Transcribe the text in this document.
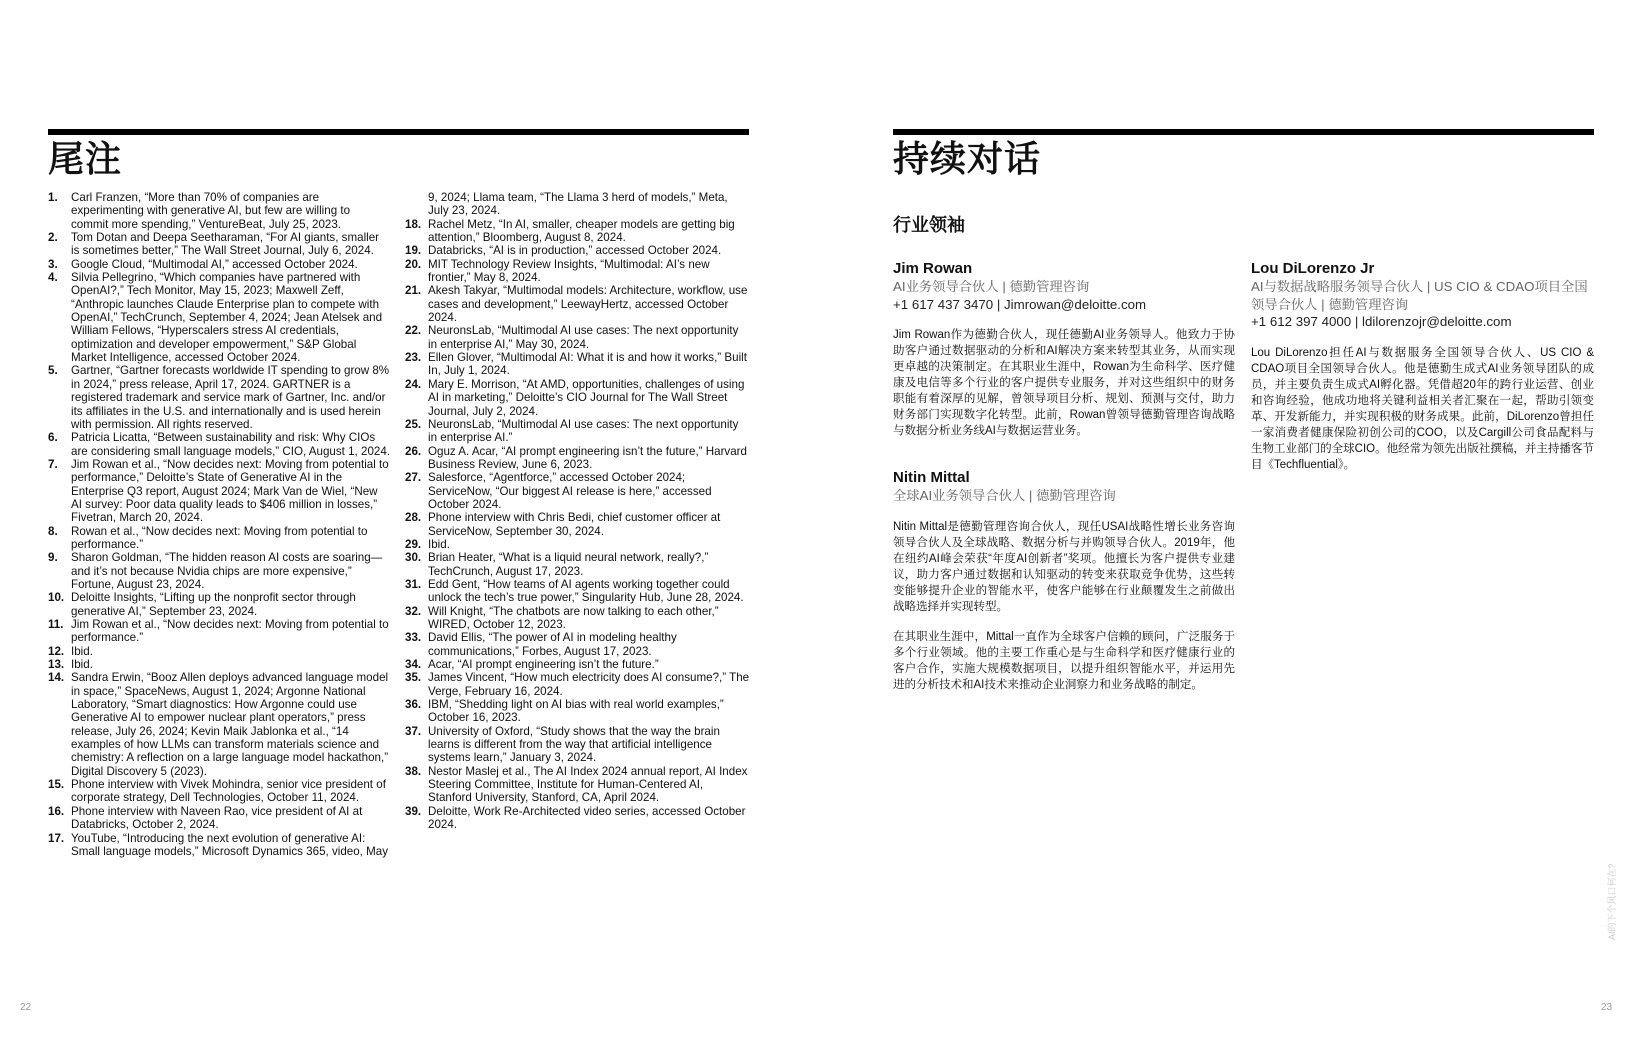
尾注
1. Carl Franzen, “More than 70% of companies are experimenting with generative AI, but few are willing to commit more spending,” VentureBeat, July 25, 2023.
2. Tom Dotan and Deepa Seetharaman, “For AI giants, smaller is sometimes better,” The Wall Street Journal, July 6, 2024.
3. Google Cloud, “Multimodal AI,” accessed October 2024.
4. Silvia Pellegrino, “Which companies have partnered with OpenAI?,” Tech Monitor, May 15, 2023; Maxwell Zeff, “Anthropic launches Claude Enterprise plan to compete with OpenAI,” TechCrunch, September 4, 2024; Jean Atelsek and William Fellows, “Hyperscalers stress AI credentials, optimization and developer empowerment,” S&P Global Market Intelligence, accessed October 2024.
5. Gartner, “Gartner forecasts worldwide IT spending to grow 8% in 2024,” press release, April 17, 2024. GARTNER is a registered trademark and service mark of Gartner, Inc. and/or its affiliates in the U.S. and internationally and is used herein with permission. All rights reserved.
6. Patricia Licatta, “Between sustainability and risk: Why CIOs are considering small language models,” CIO, August 1, 2024.
7. Jim Rowan et al., “Now decides next: Moving from potential to performance,” Deloitte’s State of Generative AI in the Enterprise Q3 report, August 2024; Mark Van de Wiel, “New AI survey: Poor data quality leads to $406 million in losses,” Fivetran, March 20, 2024.
8. Rowan et al., “Now decides next: Moving from potential to performance.”
9. Sharon Goldman, “The hidden reason AI costs are soaring—and it’s not because Nvidia chips are more expensive,” Fortune, August 23, 2024.
10. Deloitte Insights, “Lifting up the nonprofit sector through generative AI,” September 23, 2024.
11. Jim Rowan et al., “Now decides next: Moving from potential to performance.”
12. Ibid.
13. Ibid.
14. Sandra Erwin, “Booz Allen deploys advanced language model in space,” SpaceNews, August 1, 2024; Argonne National Laboratory, “Smart diagnostics: How Argonne could use Generative AI to empower nuclear plant operators,” press release, July 26, 2024; Kevin Maik Jablonka et al., “14 examples of how LLMs can transform materials science and chemistry: A reflection on a large language model hackathon,” Digital Discovery 5 (2023).
15. Phone interview with Vivek Mohindra, senior vice president of corporate strategy, Dell Technologies, October 11, 2024.
16. Phone interview with Naveen Rao, vice president of AI at Databricks, October 2, 2024.
17. YouTube, “Introducing the next evolution of generative AI: Small language models,” Microsoft Dynamics 365, video, May
9, 2024; Llama team, “The Llama 3 herd of models,” Meta, July 23, 2024.
18. Rachel Metz, “In AI, smaller, cheaper models are getting big attention,” Bloomberg, August 8, 2024.
19. Databricks, “AI is in production,” accessed October 2024.
20. MIT Technology Review Insights, “Multimodal: AI’s new frontier,” May 8, 2024.
21. Akesh Takyar, “Multimodal models: Architecture, workflow, use cases and development,” LeewayHertz, accessed October 2024.
22. NeuronsLab, “Multimodal AI use cases: The next opportunity in enterprise AI,” May 30, 2024.
23. Ellen Glover, “Multimodal AI: What it is and how it works,” Built In, July 1, 2024.
24. Mary E. Morrison, “At AMD, opportunities, challenges of using AI in marketing,” Deloitte’s CIO Journal for The Wall Street Journal, July 2, 2024.
25. NeuronsLab, “Multimodal AI use cases: The next opportunity in enterprise AI.”
26. Oguz A. Acar, “AI prompt engineering isn’t the future,” Harvard Business Review, June 6, 2023.
27. Salesforce, “Agentforce,” accessed October 2024; ServiceNow, “Our biggest AI release is here,” accessed October 2024.
28. Phone interview with Chris Bedi, chief customer officer at ServiceNow, September 30, 2024.
29. Ibid.
30. Brian Heater, “What is a liquid neural network, really?,” TechCrunch, August 17, 2023.
31. Edd Gent, “How teams of AI agents working together could unlock the tech’s true power,” Singularity Hub, June 28, 2024.
32. Will Knight, “The chatbots are now talking to each other,” WIRED, October 12, 2023.
33. David Ellis, “The power of AI in modeling healthy communications,” Forbes, August 17, 2023.
34. Acar, “AI prompt engineering isn’t the future.”
35. James Vincent, “How much electricity does AI consume?,” The Verge, February 16, 2024.
36. IBM, “Shedding light on AI bias with real world examples,” October 16, 2023.
37. University of Oxford, “Study shows that the way the brain learns is different from the way that artificial intelligence systems learn,” January 3, 2024.
38. Nestor Maslej et al., The AI Index 2024 annual report, AI Index Steering Committee, Institute for Human-Centered AI, Stanford University, Stanford, CA, April 2024.
39. Deloitte, Work Re-Architected video series, accessed October 2024.
22
持续对话
行业领袖
Jim Rowan
AI业务领导合伙人 | 德勤管理咨询
+1 617 437 3470 | Jimrowan@deloitte.com
Jim Rowan作为德勤合伙人，现任德勤AI业务领导人。他致力于协助客户通过数据驱动的分析和AI解决方案来转型其业务，从而实现更卓越的决策制定。在其职业生涯中，Rowan为生命科学、医疗健康及电信等多个行业的客户提供专业服务，并对这些组织中的财务职能有着深厚的见解，曾领导项目分析、规划、预测与交付，助力财务部门实现数字化转型。此前，Rowan曾领导德勤管理咨询战略与数据分析业务线AI与数据运营业务。
Nitin Mittal
全球AI业务领导合伙人 | 德勤管理咨询
Nitin Mittal是德勤管理咨询合伙人，现任USAI战略性增长业务咨询领导合伙人及全球战略、数据分析与并购领导合伙人。2019年，他在纽约AI峰会荣获“年度AI创新者”奖项。他擅长为客户提供专业建议，助力客户通过数据和认知驱动的转变来获取竞争优势，这些转变能够提升企业的智能水平，使客户能够在行业颠覆发生之前做出战略选择并实现转型。
在其职业生涯中，Mittal一直作为全球客户信赖的顾问，广泛服务于多个行业领域。他的主要工作重心是与生命科学和医疗健康行业的客户合作，实施大规模数据项目，以提升组织智能水平，并运用先进的分析技术和AI技术来推动企业洞察力和业务战略的制定。
Lou DiLorenzo Jr
AI与数据战略服务领导合伙人 | US CIO & CDAO项目全国领导合伙人 | 德勤管理咨询
+1 612 397 4000 | ldilorenzojr@deloitte.com
Lou DiLorenzo担任AI与数据服务全国领导合伙人、US CIO & CDAO项目全国领导合伙人。他是德勤生成式AI业务领导团队的成员，并主要负责生成式AI孵化器。凭借超20年的跨行业运营、创业和咨询经验，他成功地将关键利益相关者汇聚在一起，帮助引领变革、开发新能力，并实现积极的财务成果。此前，DiLorenzo曾担任一家消费者健康保险初创公司的COO，以及Cargill公司食品配料与生物工业部门的全球CIO。他经常为领先出版社撰稿，并主持播客节目《Techfluential》。
AI的下个风口何在?
23
